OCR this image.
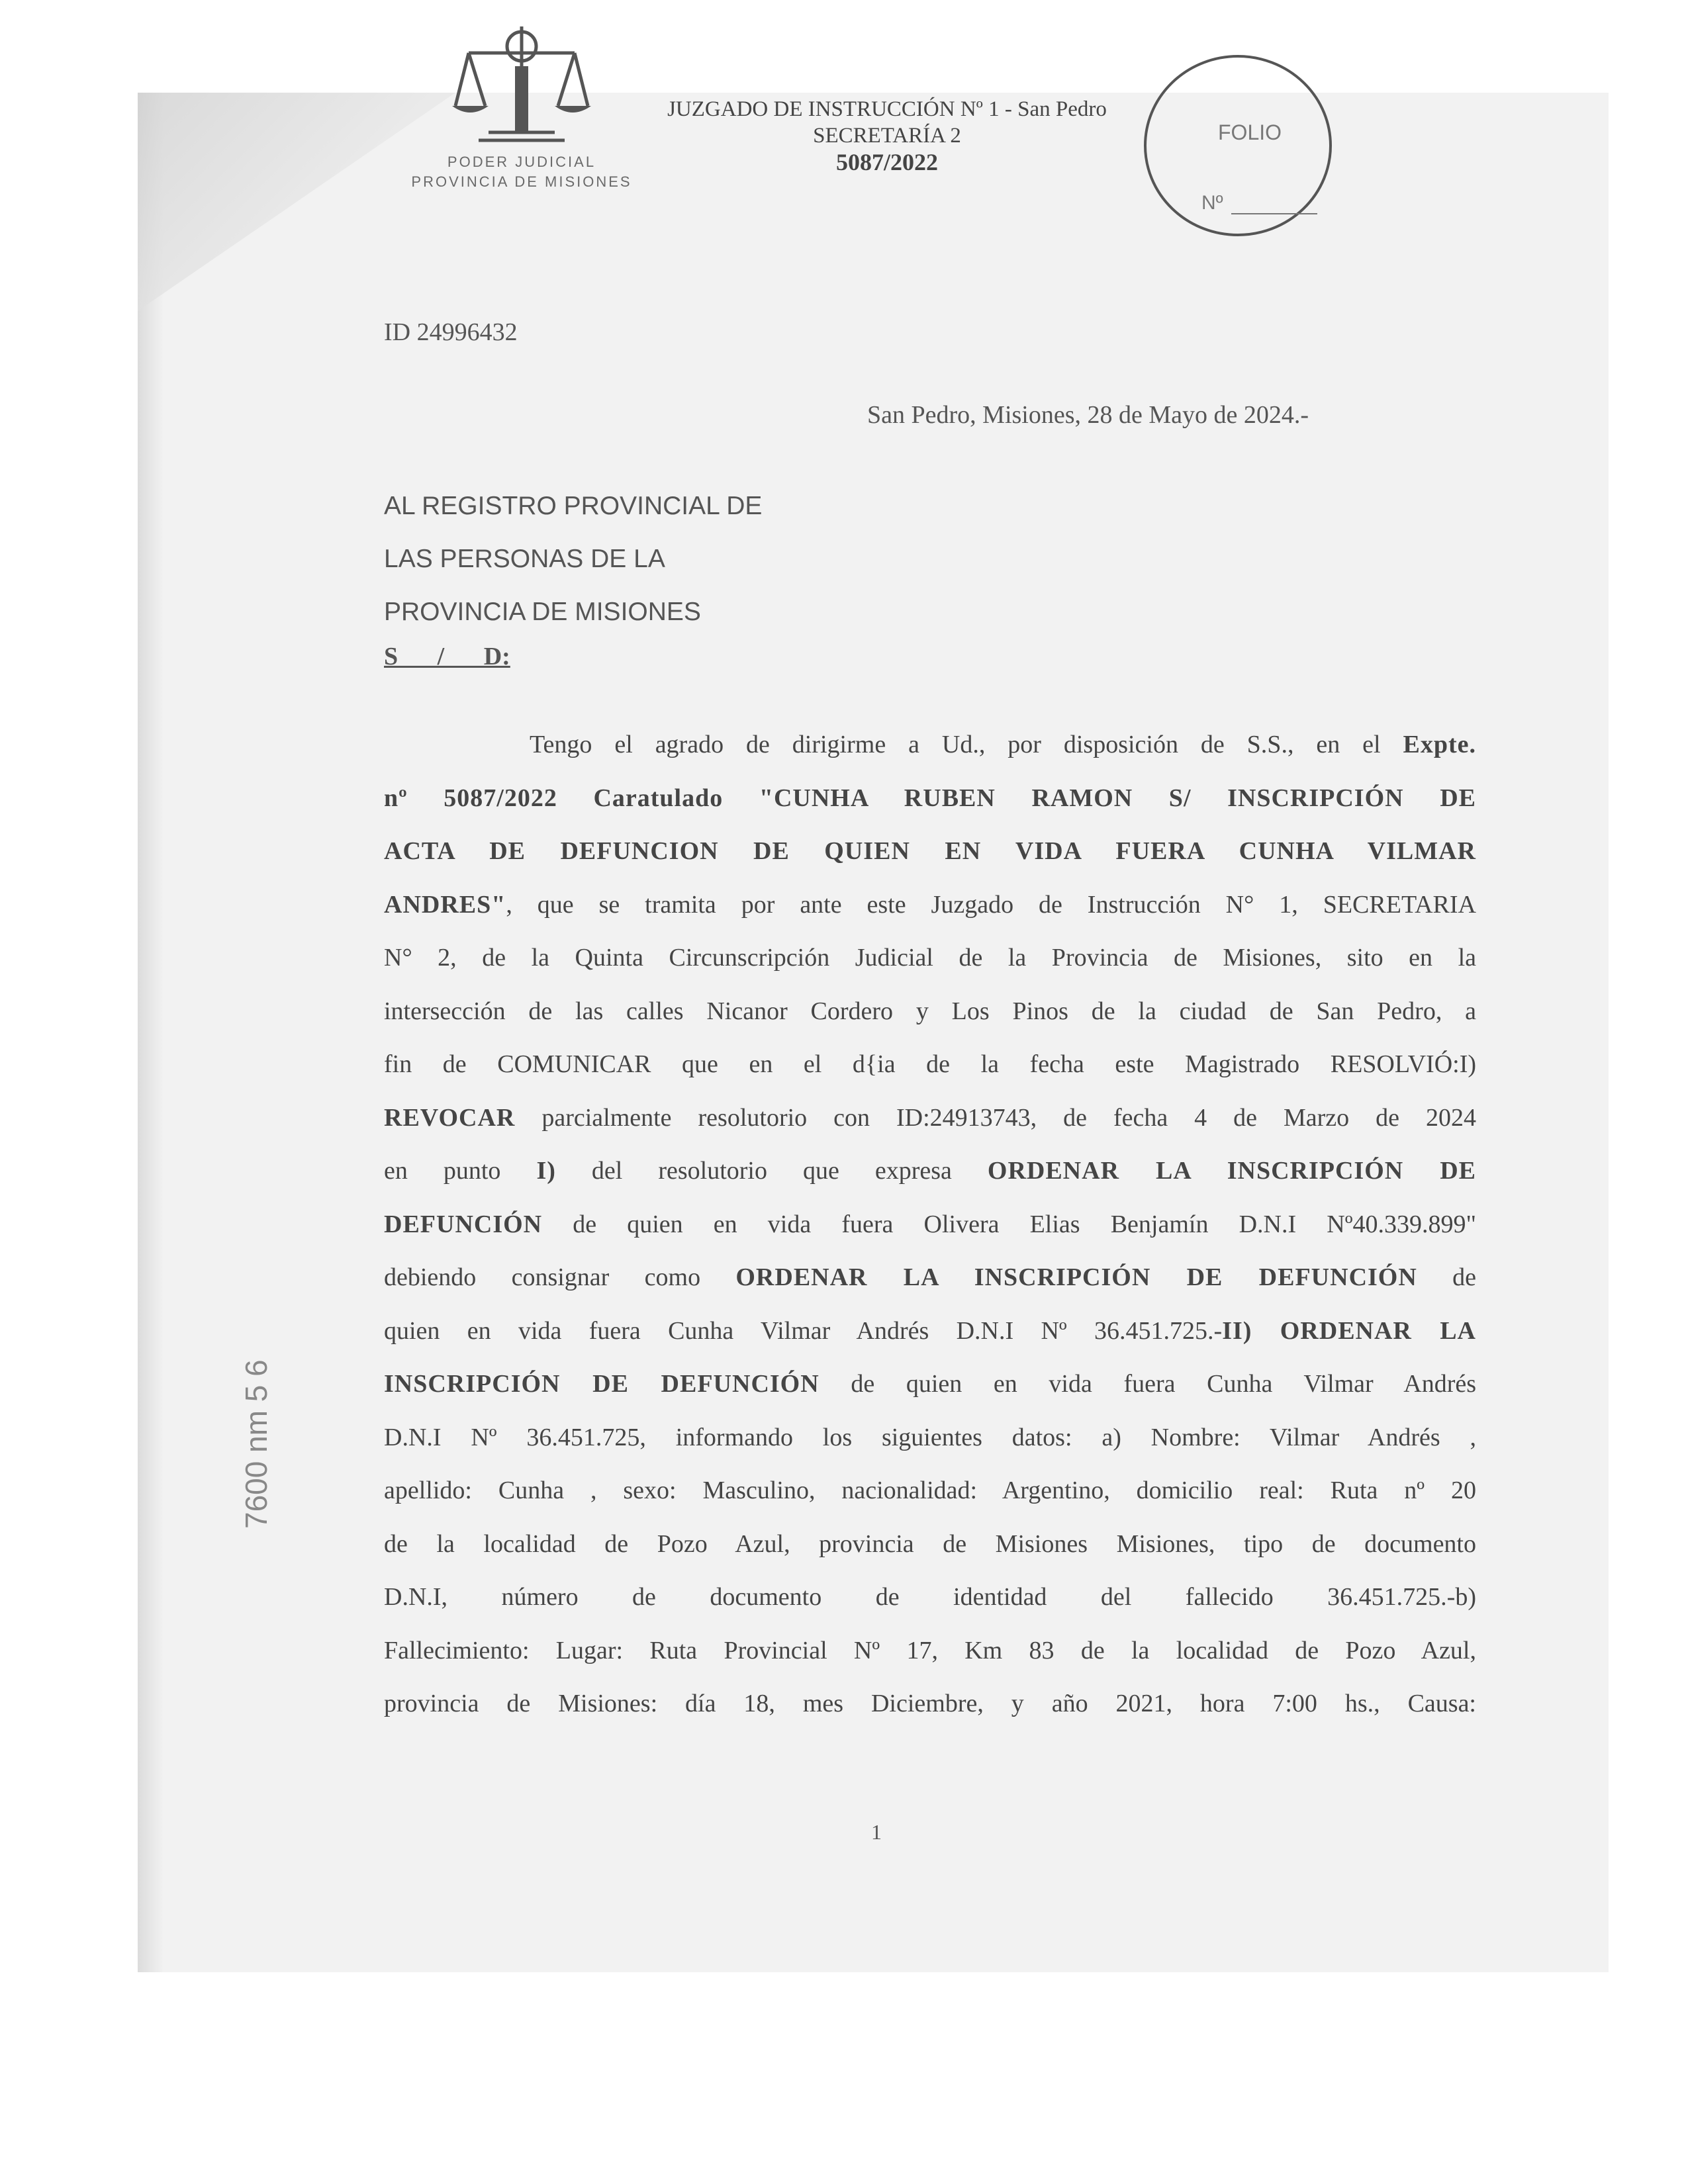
PODER JUDICIAL
PROVINCIA DE MISIONES
JUZGADO DE INSTRUCCIÓN Nº 1 - San Pedro
SECRETARÍA 2
5087/2022
FOLIO
Nº
ID 24996432
San Pedro, Misiones, 28 de Mayo de 2024.-
AL REGISTRO PROVINCIAL DE
LAS PERSONAS DE LA
PROVINCIA DE MISIONES
S / D:
Tengo el agrado de dirigirme a Ud., por disposición de S.S., en el Expte.
nº 5087/2022 Caratulado "CUNHA RUBEN RAMON S/ INSCRIPCIÓN DE
ACTA DE DEFUNCION DE QUIEN EN VIDA FUERA CUNHA VILMAR
ANDRES", que se tramita por ante este Juzgado de Instrucción N° 1, SECRETARIA
N° 2, de la Quinta Circunscripción Judicial de la Provincia de Misiones, sito en la
intersección de las calles Nicanor Cordero y Los Pinos de la ciudad de San Pedro, a
fin de COMUNICAR que en el d{ia de la fecha este Magistrado RESOLVIÓ:I)
REVOCAR parcialmente resolutorio con ID:24913743, de fecha 4 de Marzo de 2024
en punto I) del resolutorio que expresa ORDENAR LA INSCRIPCIÓN DE
DEFUNCIÓN de quien en vida fuera Olivera Elias Benjamín D.N.I Nº40.339.899"
debiendo consignar como ORDENAR LA INSCRIPCIÓN DE DEFUNCIÓN de
quien en vida fuera Cunha Vilmar Andrés D.N.I Nº 36.451.725.-II) ORDENAR LA
INSCRIPCIÓN DE DEFUNCIÓN de quien en vida fuera Cunha Vilmar Andrés
D.N.I Nº 36.451.725, informando los siguientes datos: a) Nombre: Vilmar Andrés ,
apellido: Cunha , sexo: Masculino, nacionalidad: Argentino, domicilio real: Ruta nº 20
de la localidad de Pozo Azul, provincia de Misiones Misiones, tipo de documento
D.N.I, número de documento de identidad del fallecido 36.451.725.-b)
Fallecimiento: Lugar: Ruta Provincial Nº 17, Km 83 de la localidad de Pozo Azul,
provincia de Misiones: día 18, mes Diciembre, y año 2021, hora 7:00 hs., Causa:
1
7600 nm 5 6
